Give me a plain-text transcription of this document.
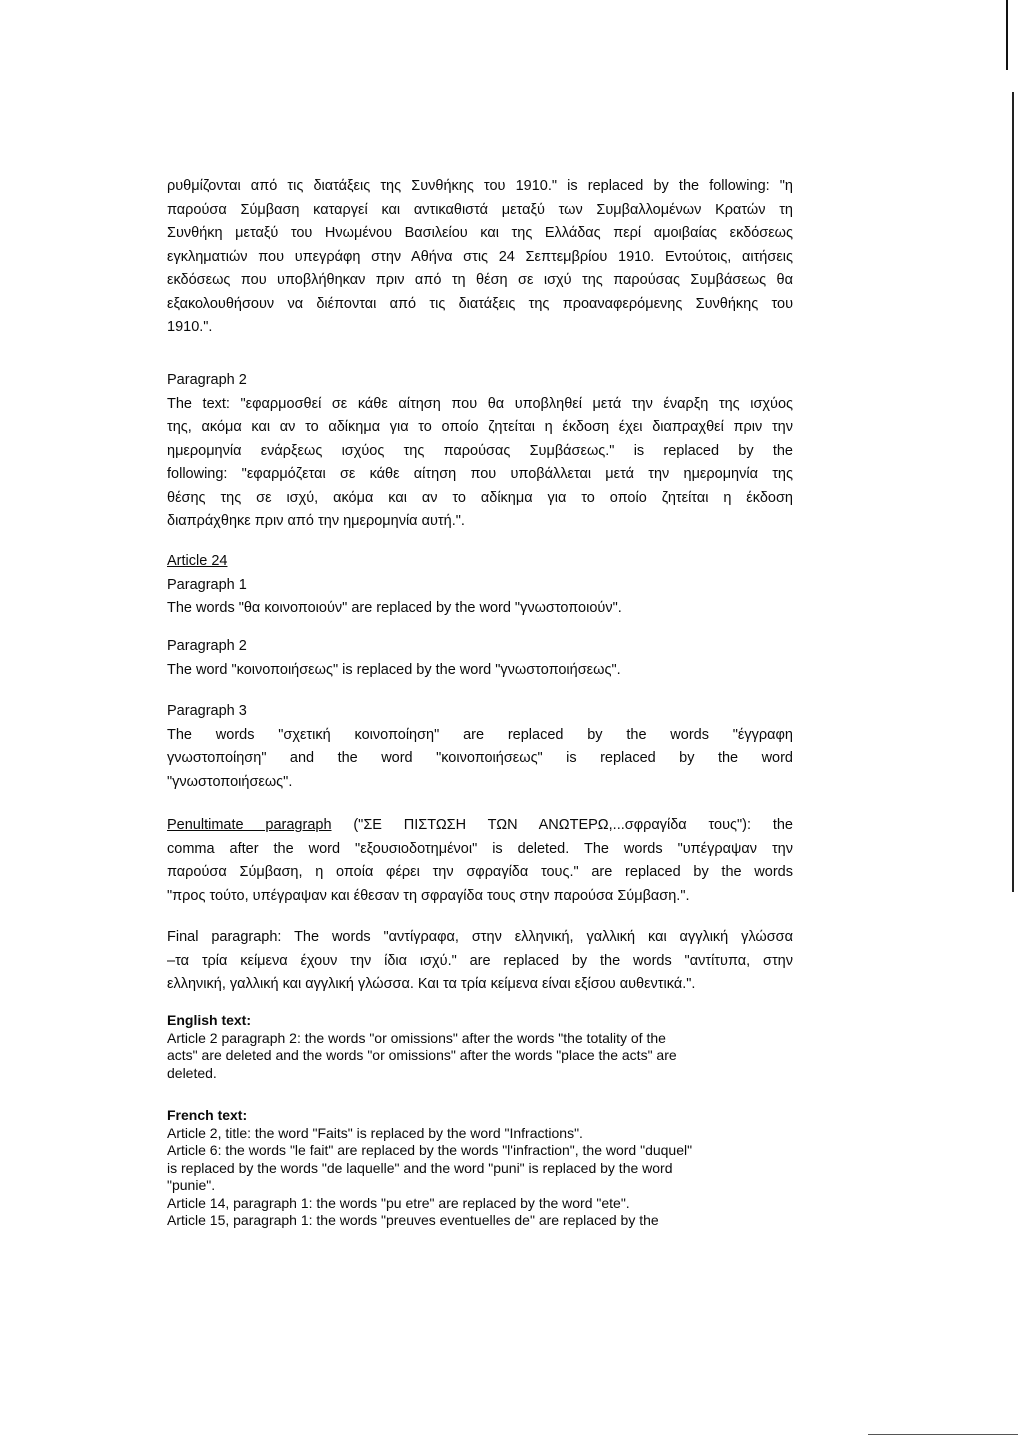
ρυθμίζονται από τις διατάξεις της Συνθήκης του 1910." is replaced by the following: "η
παρούσα Σύμβαση καταργεί και αντικαθιστά μεταξύ των Συμβαλλομένων Κρατών τη
Συνθήκη μεταξύ του Ηνωμένου Βασιλείου και της Ελλάδας περί αμοιβαίας εκδόσεως
εγκληματιών που υπεγράφη στην Αθήνα στις 24 Σεπτεμβρίου 1910. Εντούτοις, αιτήσεις
εκδόσεως που υποβλήθηκαν πριν από τη θέση σε ισχύ της παρούσας Συμβάσεως θα
εξακολουθήσουν να διέπονται από τις διατάξεις της προαναφερόμενης Συνθήκης του
1910.".
Paragraph 2
The text: "εφαρμοσθεί σε κάθε αίτηση που θα υποβληθεί μετά την έναρξη της ισχύος
της, ακόμα και αν το αδίκημα για το οποίο ζητείται η έκδοση έχει διαπραχθεί πριν την
ημερομηνία ενάρξεως ισχύος της παρούσας Συμβάσεως." is replaced by the
following: "εφαρμόζεται σε κάθε αίτηση που υποβάλλεται μετά την ημερομηνία της
θέσης της σε ισχύ, ακόμα και αν το αδίκημα για το οποίο ζητείται η έκδοση
διαπράχθηκε πριν από την ημερομηνία αυτή.".
Article 24
Paragraph 1
The words "θα κοινοποιούν" are replaced by the word "γνωστοποιούν".
Paragraph 2
The word "κοινοποιήσεως" is replaced by the word "γνωστοποιήσεως".
Paragraph 3
The words "σχετική κοινοποίηση" are replaced by the words "έγγραφη
γνωστοποίηση" and the word "κοινοποιήσεως" is replaced by the word
"γνωστοποιήσεως".
Penultimate paragraph ("ΣΕ ΠΙΣΤΩΣΗ ΤΩΝ ΑΝΩΤΕΡΩ,...σφραγίδα τους"): the
comma after the word "εξουσιοδοτημένοι" is deleted. The words "υπέγραψαν την
παρούσα Σύμβαση, η οποία φέρει την σφραγίδα τους." are replaced by the words
"προς τούτο, υπέγραψαν και έθεσαν τη σφραγίδα τους στην παρούσα Σύμβαση.".
Final paragraph: The words "αντίγραφα, στην ελληνική, γαλλική και αγγλική γλώσσα
–τα τρία κείμενα έχουν την ίδια ισχύ." are replaced by the words "αντίτυπα, στην
ελληνική, γαλλική και αγγλική γλώσσα. Και τα τρία κείμενα είναι εξίσου αυθεντικά.".
English text:
Article 2 paragraph 2: the words "or omissions" after the words "the totality of the
acts" are deleted and the words "or omissions" after the words "place the acts" are
deleted.
French text:
Article 2, title: the word "Faits" is replaced by the word "Infractions".
Article 6: the words "le fait" are replaced by the words "l'infraction", the word "duquel"
is replaced by the words "de laquelle" and the word "puni" is replaced by the word
"punie".
Article 14, paragraph 1: the words "pu etre" are replaced by the word "ete".
Article 15, paragraph 1: the words "preuves eventuelles de" are replaced by the
